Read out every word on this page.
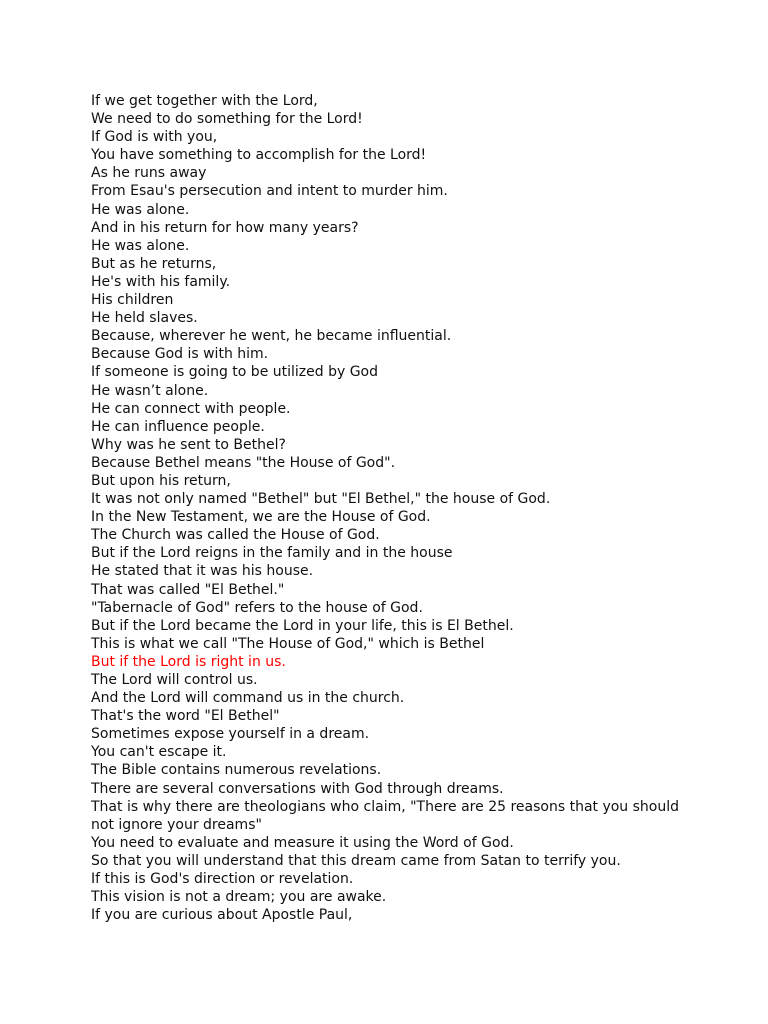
If we get together with the Lord,
We need to do something for the Lord!
If God is with you,
You have something to accomplish for the Lord!
As he runs away
From Esau's persecution and intent to murder him.
He was alone.
And in his return for how many years?
He was alone.
But as he returns,
He's with his family.
His children
He held slaves.
Because, wherever he went, he became influential.
Because God is with him.
If someone is going to be utilized by God
He wasn’t alone.
He can connect with people.
He can influence people.
Why was he sent to Bethel?
Because Bethel means "the House of God".
But upon his return,
It was not only named "Bethel" but "El Bethel," the house of God.
In the New Testament, we are the House of God.
The Church was called the House of God.
But if the Lord reigns in the family and in the house
He stated that it was his house.
That was called "El Bethel."
"Tabernacle of God" refers to the house of God.
But if the Lord became the Lord in your life, this is El Bethel.
This is what we call "The House of God," which is Bethel
But if the Lord is right in us.
The Lord will control us.
And the Lord will command us in the church.
That's the word "El Bethel"
Sometimes expose yourself in a dream.
You can't escape it.
The Bible contains numerous revelations.
There are several conversations with God through dreams.
That is why there are theologians who claim, "There are 25 reasons that you should not ignore your dreams"
You need to evaluate and measure it using the Word of God.
So that you will understand that this dream came from Satan to terrify you.
If this is God's direction or revelation.
This vision is not a dream; you are awake.
If you are curious about Apostle Paul,
